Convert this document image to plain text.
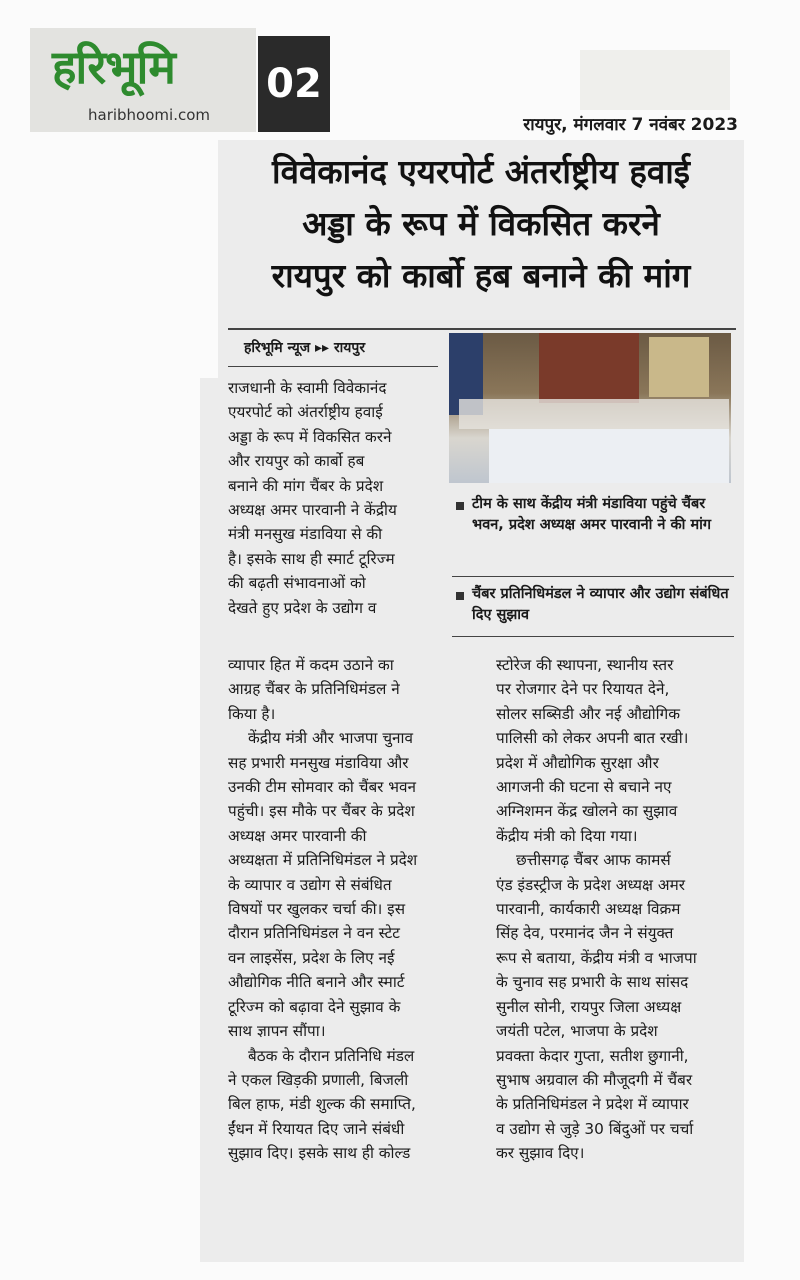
हरिभूमि
haribhoomi.com
02
रायपुर, मंगलवार 7 नवंबर 2023
विवेकानंद एयरपोर्ट अंतर्राष्ट्रीय हवाई
अड्डा के रूप में विकसित करने
रायपुर को कार्बो हब बनाने की मांग
हरिभूमि न्यूज ▸▸ रायपुर
टीम के साथ केंद्रीय मंत्री मंडाविया पहुंचे चैंबर भवन, प्रदेश अध्यक्ष अमर पारवानी ने की मांग
चैंबर प्रतिनिधिमंडल ने व्यापार और उद्योग संबंधित दिए सुझाव

राजधानी के स्वामी विवेकानंद

एयरपोर्ट को अंतर्राष्ट्रीय हवाई

अड्डा के रूप में विकसित करने

और रायपुर को कार्बो हब

बनाने की मांग चैंबर के प्रदेश

अध्यक्ष अमर पारवानी ने केंद्रीय

मंत्री मनसुख मंडाविया से की

है। इसके साथ ही स्मार्ट टूरिज्म

की बढ़ती संभावनाओं को

देखते हुए प्रदेश के उद्योग व

व्यापार हित में कदम उठाने का

आग्रह चैंबर के प्रतिनिधिमंडल ने

किया है।

केंद्रीय मंत्री और भाजपा चुनाव

सह प्रभारी मनसुख मंडाविया और

उनकी टीम सोमवार को चैंबर भवन

पहुंची। इस मौके पर चैंबर के प्रदेश

अध्यक्ष अमर पारवानी की

अध्यक्षता में प्रतिनिधिमंडल ने प्रदेश

के व्यापार व उद्योग से संबंधित

विषयों पर खुलकर चर्चा की। इस

दौरान प्रतिनिधिमंडल ने वन स्टेट

वन लाइसेंस, प्रदेश के लिए नई

औद्योगिक नीति बनाने और स्मार्ट

टूरिज्म को बढ़ावा देने सुझाव के

साथ ज्ञापन सौंपा।

बैठक के दौरान प्रतिनिधि मंडल

ने एकल खिड़की प्रणाली, बिजली

बिल हाफ, मंडी शुल्क की समाप्ति,

ईंधन में रियायत दिए जाने संबंधी

सुझाव दिए। इसके साथ ही कोल्ड

स्टोरेज की स्थापना, स्थानीय स्तर

पर रोजगार देने पर रियायत देने,

सोलर सब्सिडी और नई औद्योगिक

पालिसी को लेकर अपनी बात रखी।

प्रदेश में औद्योगिक सुरक्षा और

आगजनी की घटना से बचाने नए

अग्निशमन केंद्र खोलने का सुझाव

केंद्रीय मंत्री को दिया गया।

छत्तीसगढ़ चैंबर आफ कामर्स

एंड इंडस्ट्रीज के प्रदेश अध्यक्ष अमर

पारवानी, कार्यकारी अध्यक्ष विक्रम

सिंह देव, परमानंद जैन ने संयुक्त

रूप से बताया, केंद्रीय मंत्री व भाजपा

के चुनाव सह प्रभारी के साथ सांसद

सुनील सोनी, रायपुर जिला अध्यक्ष

जयंती पटेल, भाजपा के प्रदेश

प्रवक्ता केदार गुप्ता, सतीश छुगानी,

सुभाष अग्रवाल की मौजूदगी में चैंबर

के प्रतिनिधिमंडल ने प्रदेश में व्यापार

व उद्योग से जुड़े 30 बिंदुओं पर चर्चा

कर सुझाव दिए।
